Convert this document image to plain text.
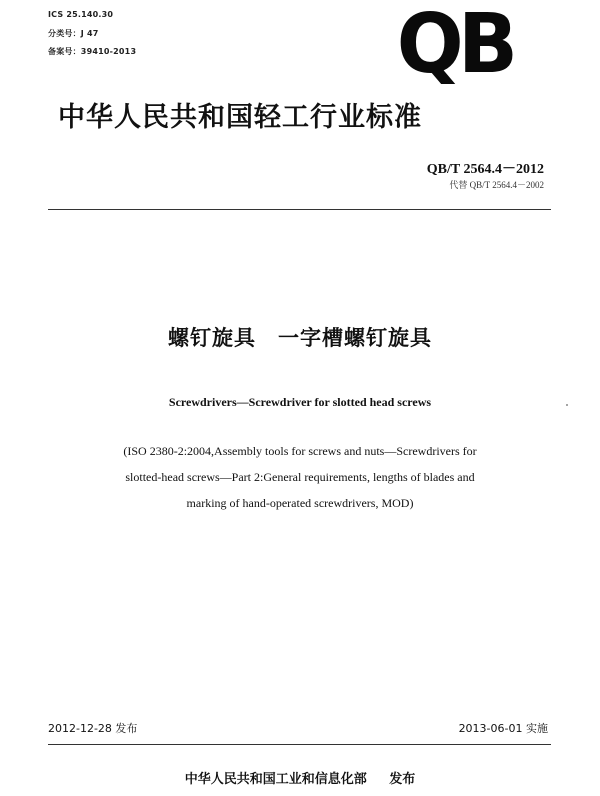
ICS 25.140.30
分类号：J 47
备案号：39410-2013	QB
中华人民共和国轻工行业标准
QB/T 2564.4－2012
代替 QB/T 2564.4－2002
螺钉旋具　一字槽螺钉旋具
Screwdrivers—Screwdriver for slotted head screws
(ISO 2380-2:2004,Assembly tools for screws and nuts—Screwdrivers for
slotted-head screws—Part 2:General requirements, lengths of blades and
marking of hand-operated screwdrivers, MOD)
2012-12-28 发布	2013-06-01 实施
中华人民共和国工业和信息化部 发布
